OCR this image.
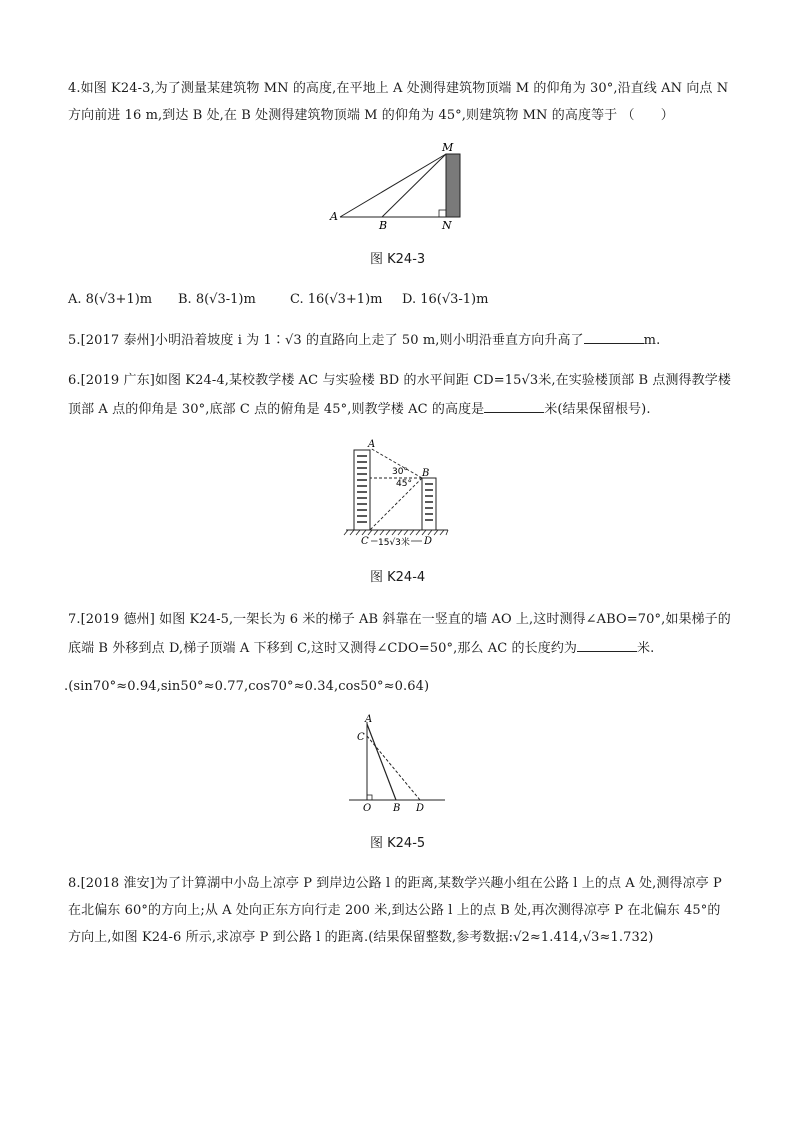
4.如图 K24-3,为了测量某建筑物 MN 的高度,在平地上 A 处测得建筑物顶端 M 的仰角为 30°,沿直线 AN 向点 N
方向前进 16 m,到达 B 处,在 B 处测得建筑物顶端 M 的仰角为 45°,则建筑物 MN 的高度等于 （　　）
M
A
B	N
图 K24-3
A. 8(√3+1)m B. 8(√3-1)m	C. 16(√3+1)m D. 16(√3-1)m
5.[2017 泰州]小明沿着坡度 i 为 1∶√3 的直路向上走了 50 m,则小明沿垂直方向升高了	m.
6.[2019 广东]如图 K24-4,某校教学楼 AC 与实验楼 BD 的水平间距 CD=15√3米,在实验楼顶部 B 点测得教学楼
顶部 A 点的仰角是 30°,底部 C 点的俯角是 45°,则教学楼 AC 的高度是	米(结果保留根号).
A
B
30°
45°
C	D
15√3米
图 K24-4
7.[2019 德州] 如图 K24-5,一架长为 6 米的梯子 AB 斜靠在一竖直的墙 AO 上,这时测得∠ABO=70°,如果梯子的
底端 B 外移到点 D,梯子顶端 A 下移到 C,这时又测得∠CDO=50°,那么 AC 的长度约为	米.
.(sin70°≈0.94,sin50°≈0.77,cos70°≈0.34,cos50°≈0.64)
A
C
O B D
图 K24-5
8.[2018 淮安]为了计算湖中小岛上凉亭 P 到岸边公路 l 的距离,某数学兴趣小组在公路 l 上的点 A 处,测得凉亭 P
在北偏东 60°的方向上;从 A 处向正东方向行走 200 米,到达公路 l 上的点 B 处,再次测得凉亭 P 在北偏东 45°的
方向上,如图 K24-6 所示,求凉亭 P 到公路 l 的距离.(结果保留整数,参考数据:√2≈1.414,√3≈1.732)
